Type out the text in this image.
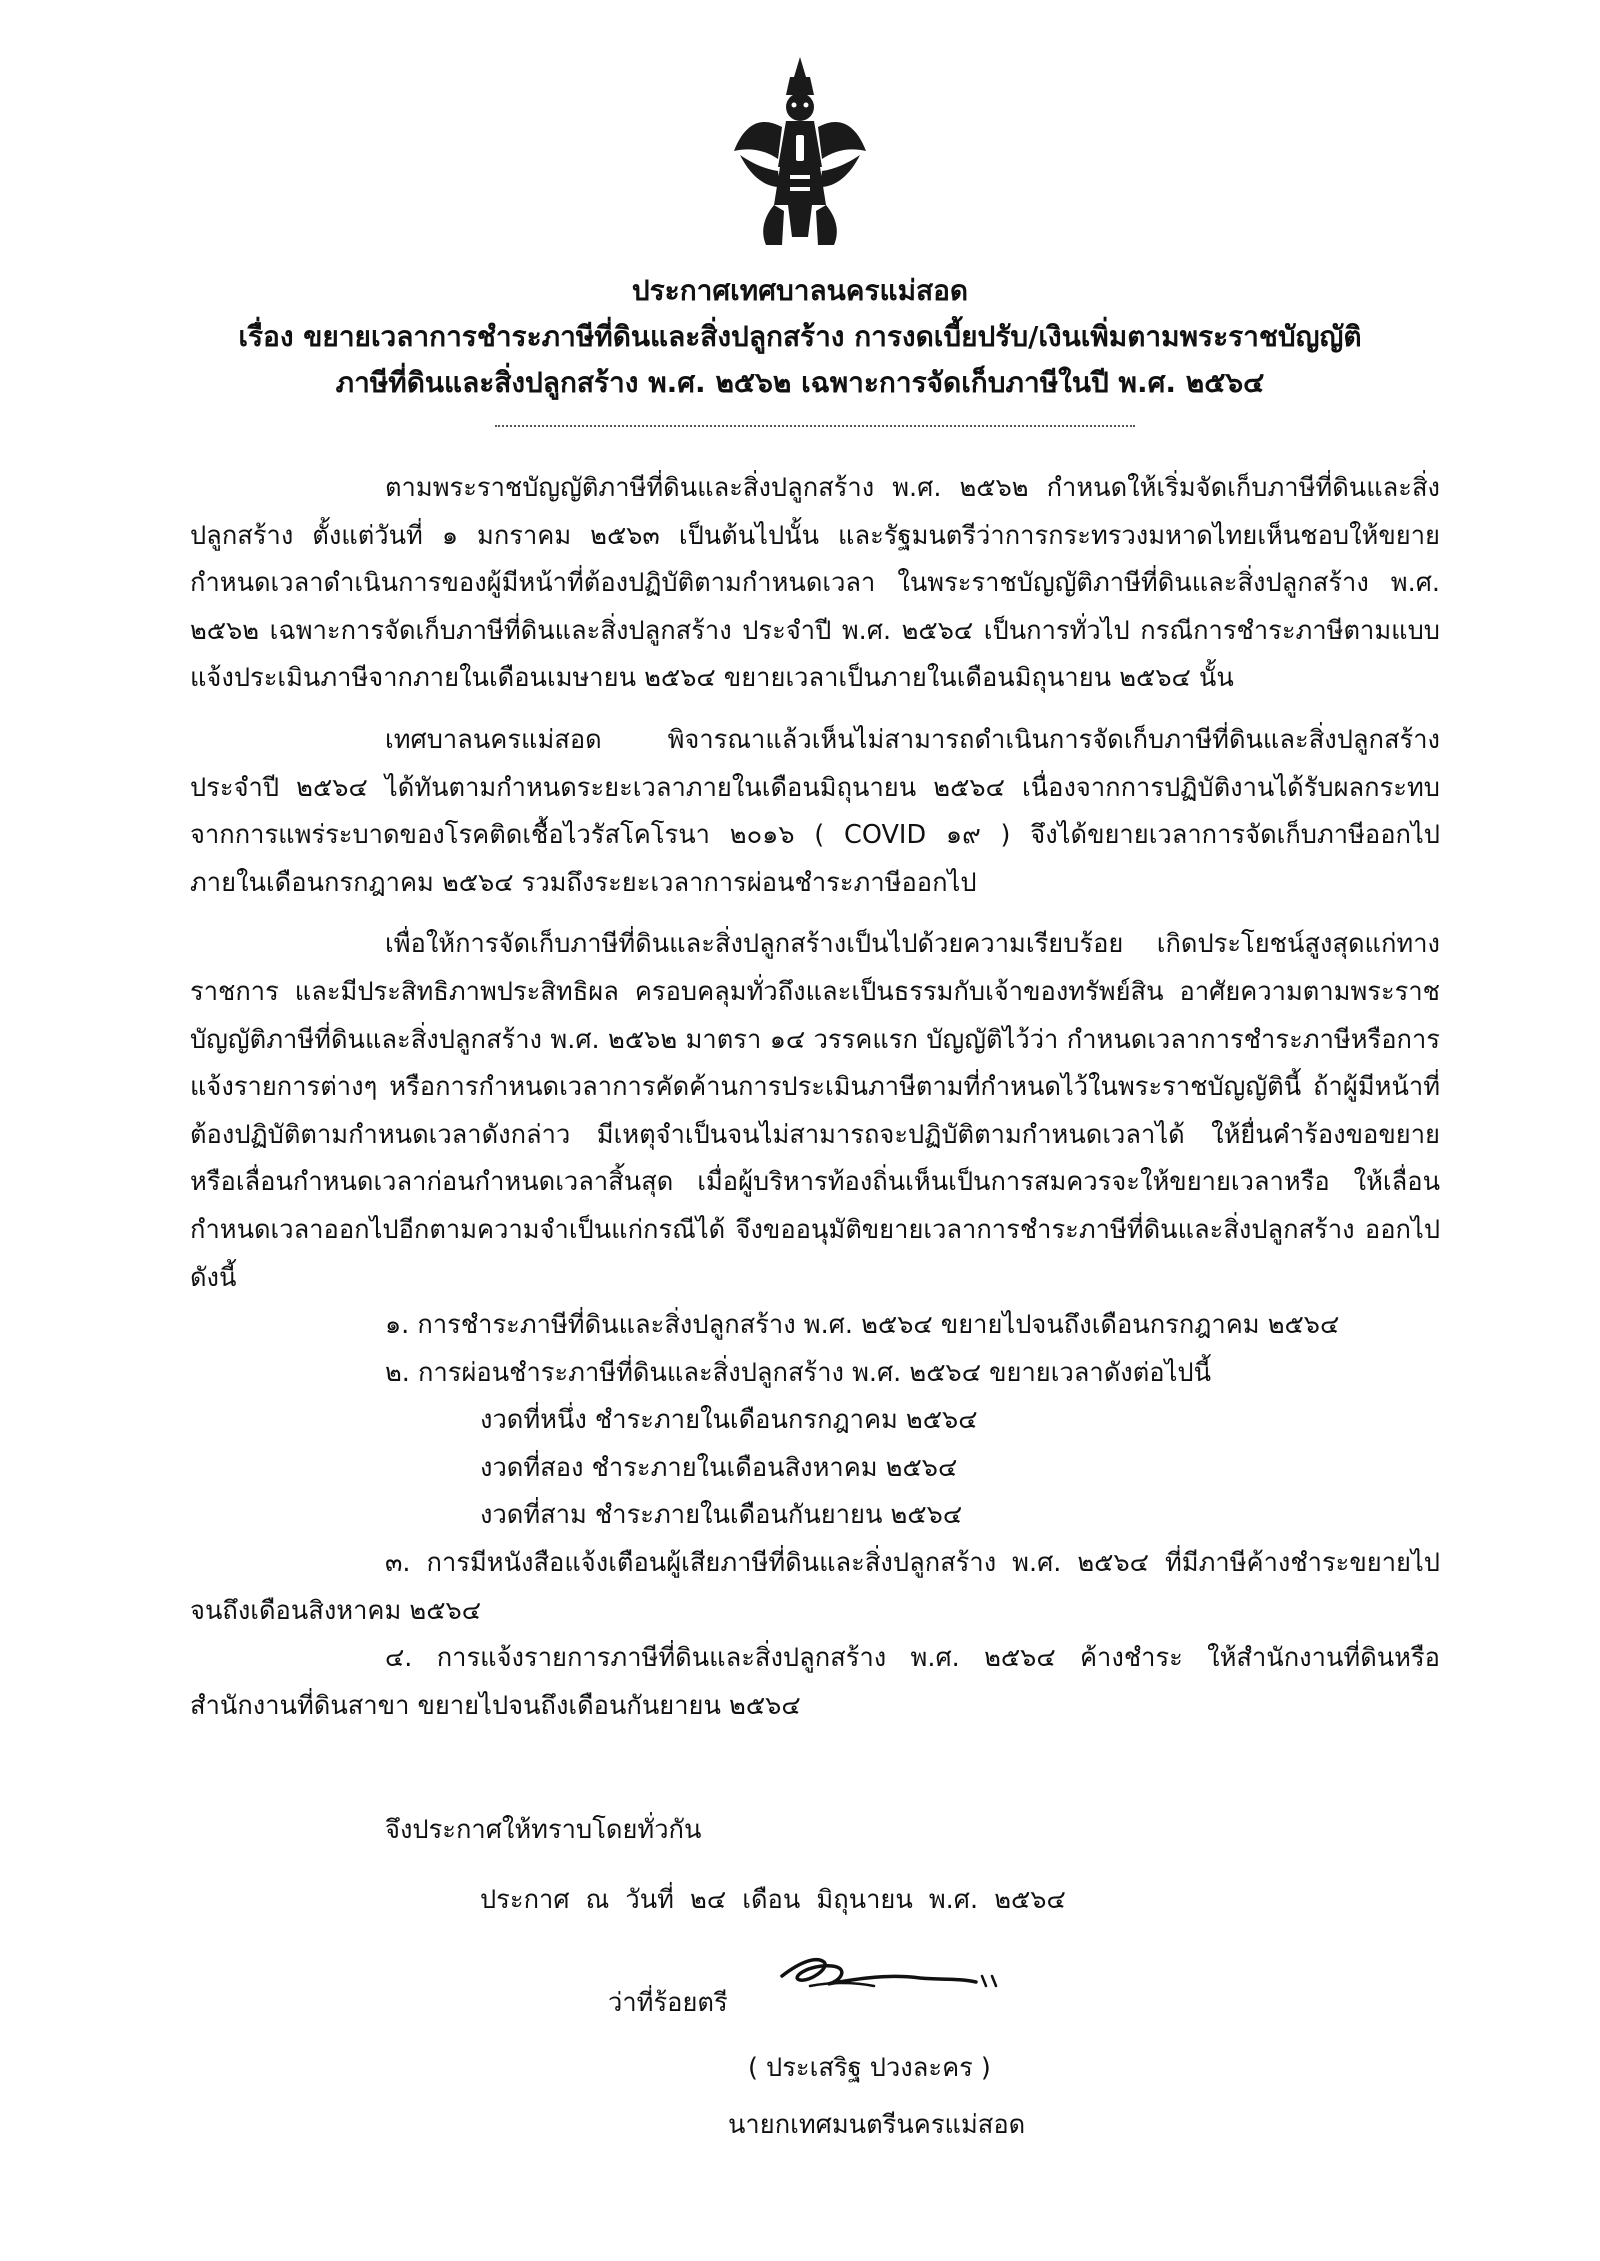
ประกาศเทศบาลนครแม่สอด
เรื่อง ขยายเวลาการชำระภาษีที่ดินและสิ่งปลูกสร้าง การงดเบี้ยปรับ/เงินเพิ่มตามพระราชบัญญัติ
ภาษีที่ดินและสิ่งปลูกสร้าง พ.ศ. ๒๕๖๒ เฉพาะการจัดเก็บภาษีในปี พ.ศ. ๒๕๖๔

ตามพระราชบัญญัติภาษีที่ดินและสิ่งปลูกสร้าง พ.ศ. ๒๕๖๒ กำหนดให้เริ่มจัดเก็บภาษีที่ดินและสิ่งปลูกสร้าง ตั้งแต่วันที่ ๑ มกราคม ๒๕๖๓ เป็นต้นไปนั้น และรัฐมนตรีว่าการกระทรวงมหาดไทยเห็นชอบให้ขยายกำหนดเวลาดำเนินการของผู้มีหน้าที่ต้องปฏิบัติตามกำหนดเวลา ในพระราชบัญญัติภาษีที่ดินและสิ่งปลูกสร้าง พ.ศ. ๒๕๖๒ เฉพาะการจัดเก็บภาษีที่ดินและสิ่งปลูกสร้าง ประจำปี พ.ศ. ๒๕๖๔ เป็นการทั่วไป กรณีการชำระภาษีตามแบบแจ้งประเมินภาษีจากภายในเดือนเมษายน ๒๕๖๔ ขยายเวลาเป็นภายในเดือนมิถุนายน ๒๕๖๔ นั้น

เทศบาลนครแม่สอด พิจารณาแล้วเห็นไม่สามารถดำเนินการจัดเก็บภาษีที่ดินและสิ่งปลูกสร้างประจำปี ๒๕๖๔ ได้ทันตามกำหนดระยะเวลาภายในเดือนมิถุนายน ๒๕๖๔ เนื่องจากการปฏิบัติงานได้รับผลกระทบจากการแพร่ระบาดของโรคติดเชื้อไวรัสโคโรนา ๒๐๑๖ ( COVID ๑๙ ) จึงได้ขยายเวลาการจัดเก็บภาษีออกไปภายในเดือนกรกฎาคม ๒๕๖๔ รวมถึงระยะเวลาการผ่อนชำระภาษีออกไป

เพื่อให้การจัดเก็บภาษีที่ดินและสิ่งปลูกสร้างเป็นไปด้วยความเรียบร้อย เกิดประโยชน์สูงสุดแก่ทางราชการ และมีประสิทธิภาพประสิทธิผล ครอบคลุมทั่วถึงและเป็นธรรมกับเจ้าของทรัพย์สิน อาศัยความตามพระราชบัญญัติภาษีที่ดินและสิ่งปลูกสร้าง พ.ศ. ๒๕๖๒ มาตรา ๑๔ วรรคแรก บัญญัติไว้ว่า กำหนดเวลาการชำระภาษีหรือการแจ้งรายการต่างๆ หรือการกำหนดเวลาการคัดค้านการประเมินภาษีตามที่กำหนดไว้ในพระราชบัญญัตินี้ ถ้าผู้มีหน้าที่ต้องปฏิบัติตามกำหนดเวลาดังกล่าว มีเหตุจำเป็นจนไม่สามารถจะปฏิบัติตามกำหนดเวลาได้ ให้ยื่นคำร้องขอขยายหรือเลื่อนกำหนดเวลาก่อนกำหนดเวลาสิ้นสุด เมื่อผู้บริหารท้องถิ่นเห็นเป็นการสมควรจะให้ขยายเวลาหรือ ให้เลื่อนกำหนดเวลาออกไปอีกตามความจำเป็นแก่กรณีได้ จึงขออนุมัติขยายเวลาการชำระภาษีที่ดินและสิ่งปลูกสร้าง ออกไปดังนี้

๑. การชำระภาษีที่ดินและสิ่งปลูกสร้าง พ.ศ. ๒๕๖๔ ขยายไปจนถึงเดือนกรกฎาคม ๒๕๖๔

๒. การผ่อนชำระภาษีที่ดินและสิ่งปลูกสร้าง พ.ศ. ๒๕๖๔ ขยายเวลาดังต่อไปนี้

งวดที่หนึ่ง ชำระภายในเดือนกรกฎาคม ๒๕๖๔

งวดที่สอง ชำระภายในเดือนสิงหาคม ๒๕๖๔

งวดที่สาม ชำระภายในเดือนกันยายน ๒๕๖๔

๓. การมีหนังสือแจ้งเตือนผู้เสียภาษีที่ดินและสิ่งปลูกสร้าง พ.ศ. ๒๕๖๔ ที่มีภาษีค้างชำระขยายไปจนถึงเดือนสิงหาคม ๒๕๖๔

๔. การแจ้งรายการภาษีที่ดินและสิ่งปลูกสร้าง พ.ศ. ๒๕๖๔ ค้างชำระ ให้สำนักงานที่ดินหรือสำนักงานที่ดินสาขา ขยายไปจนถึงเดือนกันยายน ๒๕๖๔

จึงประกาศให้ทราบโดยทั่วกัน
ประกาศ ณ วันที่ ๒๔ เดือน มิถุนายน พ.ศ. ๒๕๖๔
ว่าที่ร้อยตรี
( ประเสริฐ ปวงละคร )
นายกเทศมนตรีนครแม่สอด
